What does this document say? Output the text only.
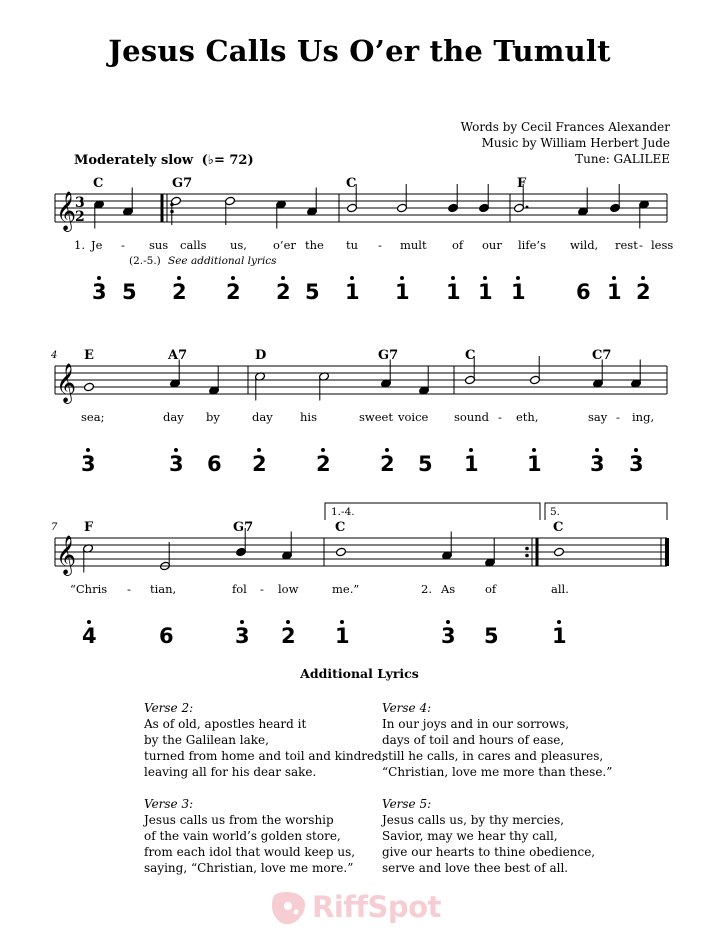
Jesus Calls Us O’er the Tumult
Words by Cecil Frances Alexander
Music by William Herbert Jude
Tune: GALILEE
Moderately slow (♭= 72)
𝄞
3
2
𝄞
𝄞
C	G7	C	F
1. Je - sus calls us, o’er the tu - mult of our life’s wild, rest - less
(2.-5.) See additional lyrics
3 5 2 2 2 5 1 1 1 1 1 6 1 2
4 E	A7	D	G7	C	C7
sea;	day by	day his	sweet voice sound - eth,	say - ing,
3	3 6 2 2 2 5 1 1 3 3
7 F	G7	C	C
“Chris - tian,	fol - low	me.”	2. As	of	all.
4	6	3 2 1	3 5	1
1.-4.	5.
Additional Lyrics
Verse 2:
As of old, apostles heard it
by the Galilean lake,
turned from home and toil and kindred,
leaving all for his dear sake.
Verse 3:
Jesus calls us from the worship
of the vain world’s golden store,
from each idol that would keep us,
saying, “Christian, love me more.”
Verse 4:
In our joys and in our sorrows,
days of toil and hours of ease,
still he calls, in cares and pleasures,
“Christian, love me more than these.”
Verse 5:
Jesus calls us, by thy mercies,
Savior, may we hear thy call,
give our hearts to thine obedience,
serve and love thee best of all.
RiffSpot
